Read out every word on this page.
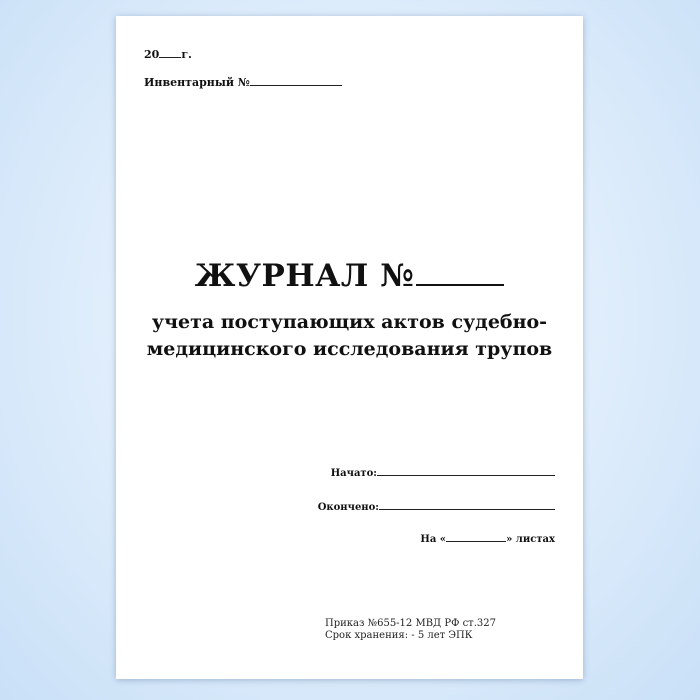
20 г.
Инвентарный №
ЖУРНАЛ №
учета поступающих актов судебно-
медицинского исследования трупов
Начато:
Окончено:
На «	» листах
Приказ №655-12 МВД РФ ст.327
Срок хранения: - 5 лет ЭПК
